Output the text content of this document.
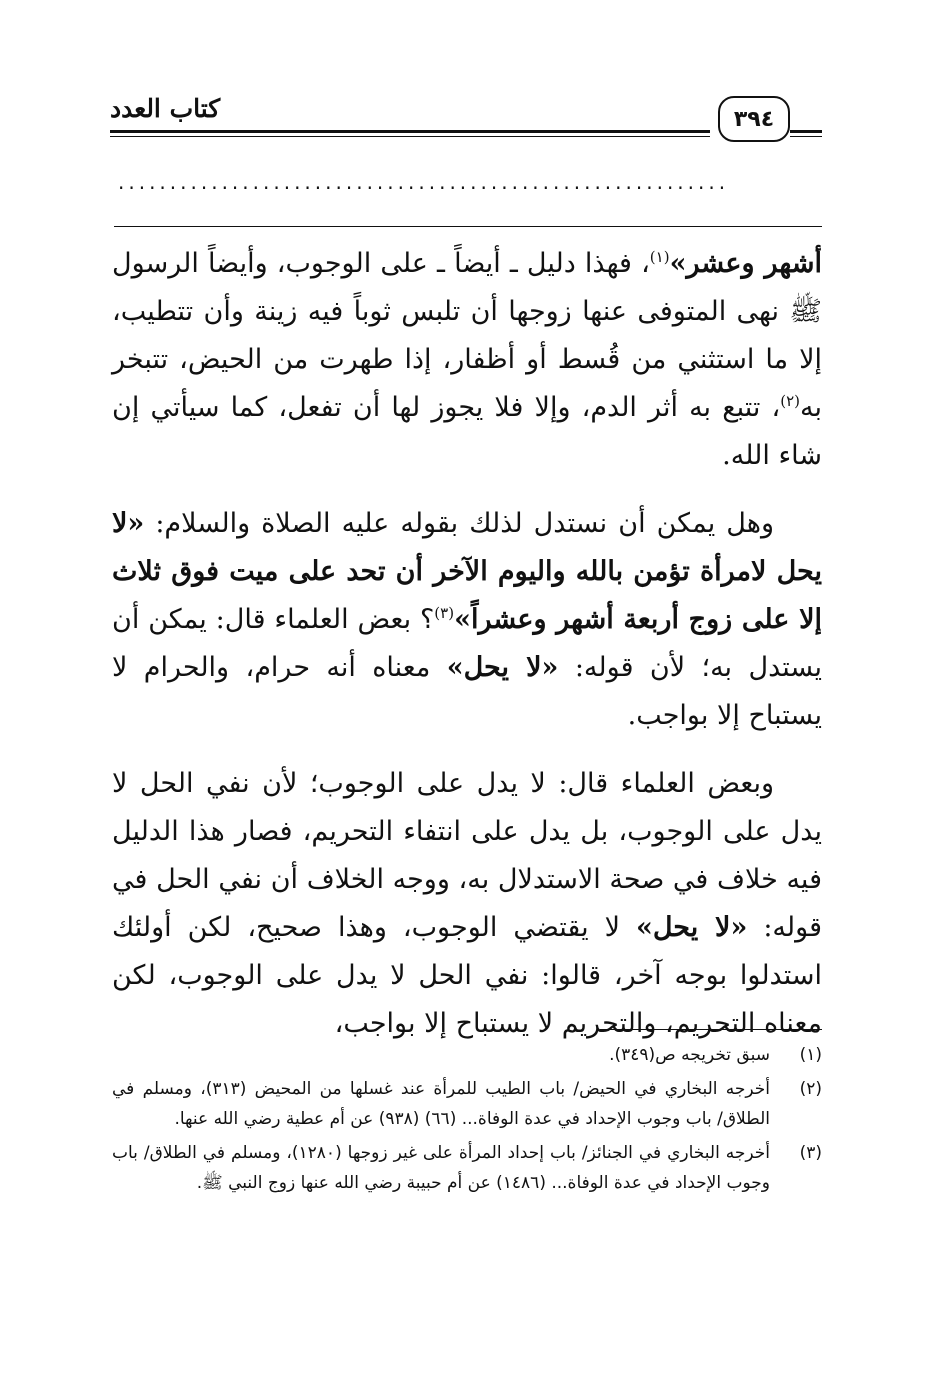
كتاب العدد	٣٩٤
...........................................................

أشهر وعشر»$^{(١)}$، فهذا دليل ـ أيضاً ـ على الوجوب، وأيضاً الرسول ﷺ نهى المتوفى عنها زوجها أن تلبس ثوباً فيه زينة وأن تتطيب، إلا ما استثني من قُسط أو أظفار، إذا طهرت من الحيض، تتبخر به$^{(٢)}$، تتبع به أثر الدم، وإلا فلا يجوز لها أن تفعل، كما سيأتي إن شاء الله.

وهل يمكن أن نستدل لذلك بقوله عليه الصلاة والسلام: «لا يحل لامرأة تؤمن بالله واليوم الآخر أن تحد على ميت فوق ثلاث إلا على زوج أربعة أشهر وعشراً»$^{(٣)}$؟ بعض العلماء قال: يمكن أن يستدل به؛ لأن قوله: «لا يحل» معناه أنه حرام، والحرام لا يستباح إلا بواجب.

وبعض العلماء قال: لا يدل على الوجوب؛ لأن نفي الحل لا يدل على الوجوب، بل يدل على انتفاء التحريم، فصار هذا الدليل فيه خلاف في صحة الاستدلال به، ووجه الخلاف أن نفي الحل في قوله: «لا يحل» لا يقتضي الوجوب، وهذا صحيح، لكن أولئك استدلوا بوجه آخر، قالوا: نفي الحل لا يدل على الوجوب، لكن معناه التحريم، والتحريم لا يستباح إلا بواجب،

(١)
سبق تخريجه ص(٣٤٩).
(٢)
أخرجه البخاري في الحيض/ باب الطيب للمرأة عند غسلها من المحيض (٣١٣)، ومسلم في الطلاق/ باب وجوب الإحداد في عدة الوفاة... (٦٦) (٩٣٨) عن أم عطية رضي الله عنها.
(٣)
أخرجه البخاري في الجنائز/ باب إحداد المرأة على غير زوجها (١٢٨٠)، ومسلم في الطلاق/ باب وجوب الإحداد في عدة الوفاة... (١٤٨٦) عن أم حبيبة رضي الله عنها زوج النبي ﷺ.
